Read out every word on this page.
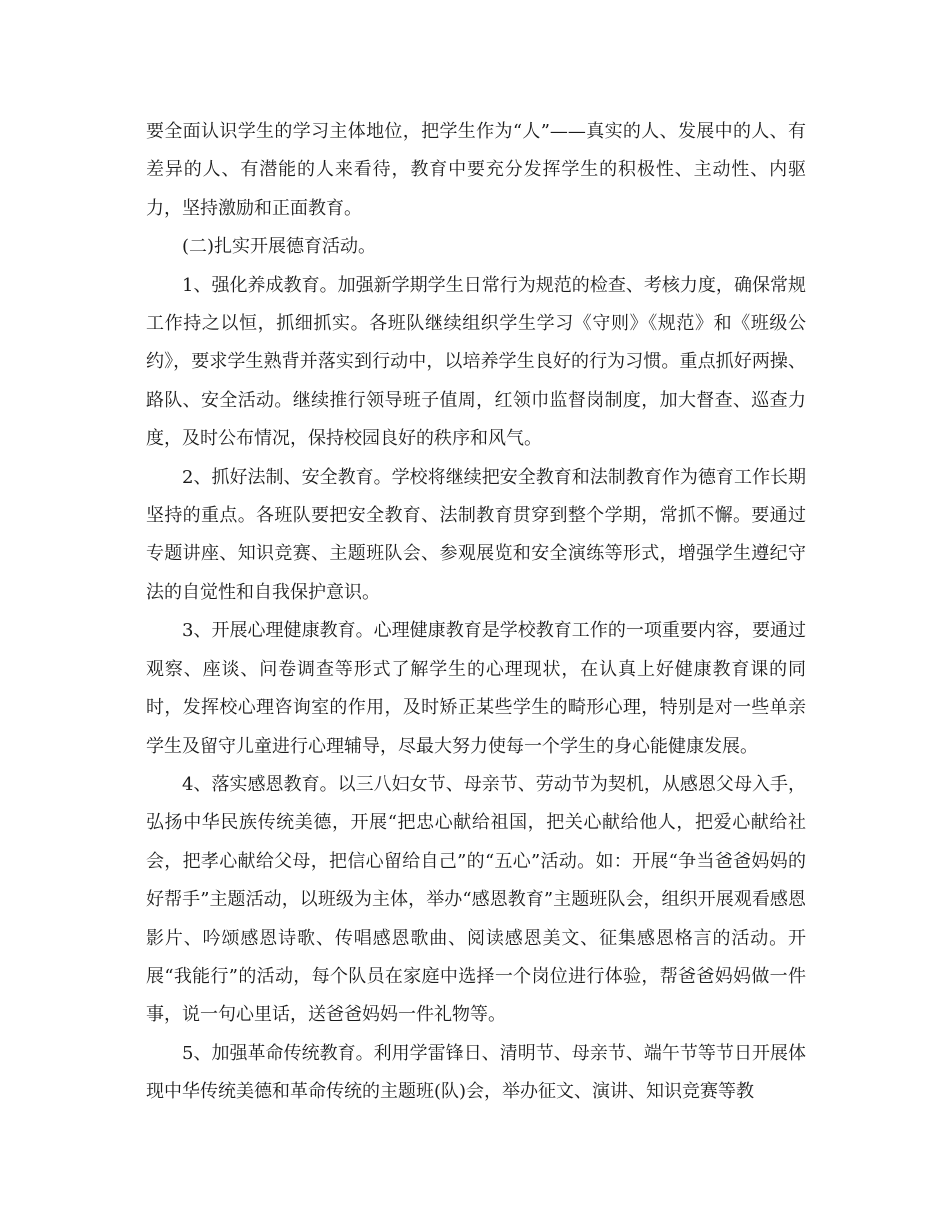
要全面认识学生的学习主体地位，把学生作为“人”——真实的人、发展中的人、有差异的人、有潜能的人来看待，教育中要充分发挥学生的积极性、主动性、内驱力，坚持激励和正面教育。

(二)扎实开展德育活动。

1、强化养成教育。加强新学期学生日常行为规范的检查、考核力度，确保常规工作持之以恒，抓细抓实。各班队继续组织学生学习《守则》《规范》和《班级公约》，要求学生熟背并落实到行动中，以培养学生良好的行为习惯。重点抓好两操、路队、安全活动。继续推行领导班子值周，红领巾监督岗制度，加大督查、巡查力度，及时公布情况，保持校园良好的秩序和风气。

2、抓好法制、安全教育。学校将继续把安全教育和法制教育作为德育工作长期坚持的重点。各班队要把安全教育、法制教育贯穿到整个学期，常抓不懈。要通过专题讲座、知识竞赛、主题班队会、参观展览和安全演练等形式，增强学生遵纪守法的自觉性和自我保护意识。

3、开展心理健康教育。心理健康教育是学校教育工作的一项重要内容，要通过观察、座谈、问卷调查等形式了解学生的心理现状，在认真上好健康教育课的同时，发挥校心理咨询室的作用，及时矫正某些学生的畸形心理，特别是对一些单亲学生及留守儿童进行心理辅导，尽最大努力使每一个学生的身心能健康发展。

4、落实感恩教育。以三八妇女节、母亲节、劳动节为契机，从感恩父母入手，弘扬中华民族传统美德，开展“把忠心献给祖国，把关心献给他人，把爱心献给社会，把孝心献给父母，把信心留给自己”的“五心”活动。如：开展“争当爸爸妈妈的好帮手”主题活动，以班级为主体，举办“感恩教育”主题班队会，组织开展观看感恩影片、吟颂感恩诗歌、传唱感恩歌曲、阅读感恩美文、征集感恩格言的活动。开展“我能行”的活动，每个队员在家庭中选择一个岗位进行体验，帮爸爸妈妈做一件事，说一句心里话，送爸爸妈妈一件礼物等。

5、加强革命传统教育。利用学雷锋日、清明节、母亲节、端午节等节日开展体现中华传统美德和革命传统的主题班(队)会，举办征文、演讲、知识竞赛等教
